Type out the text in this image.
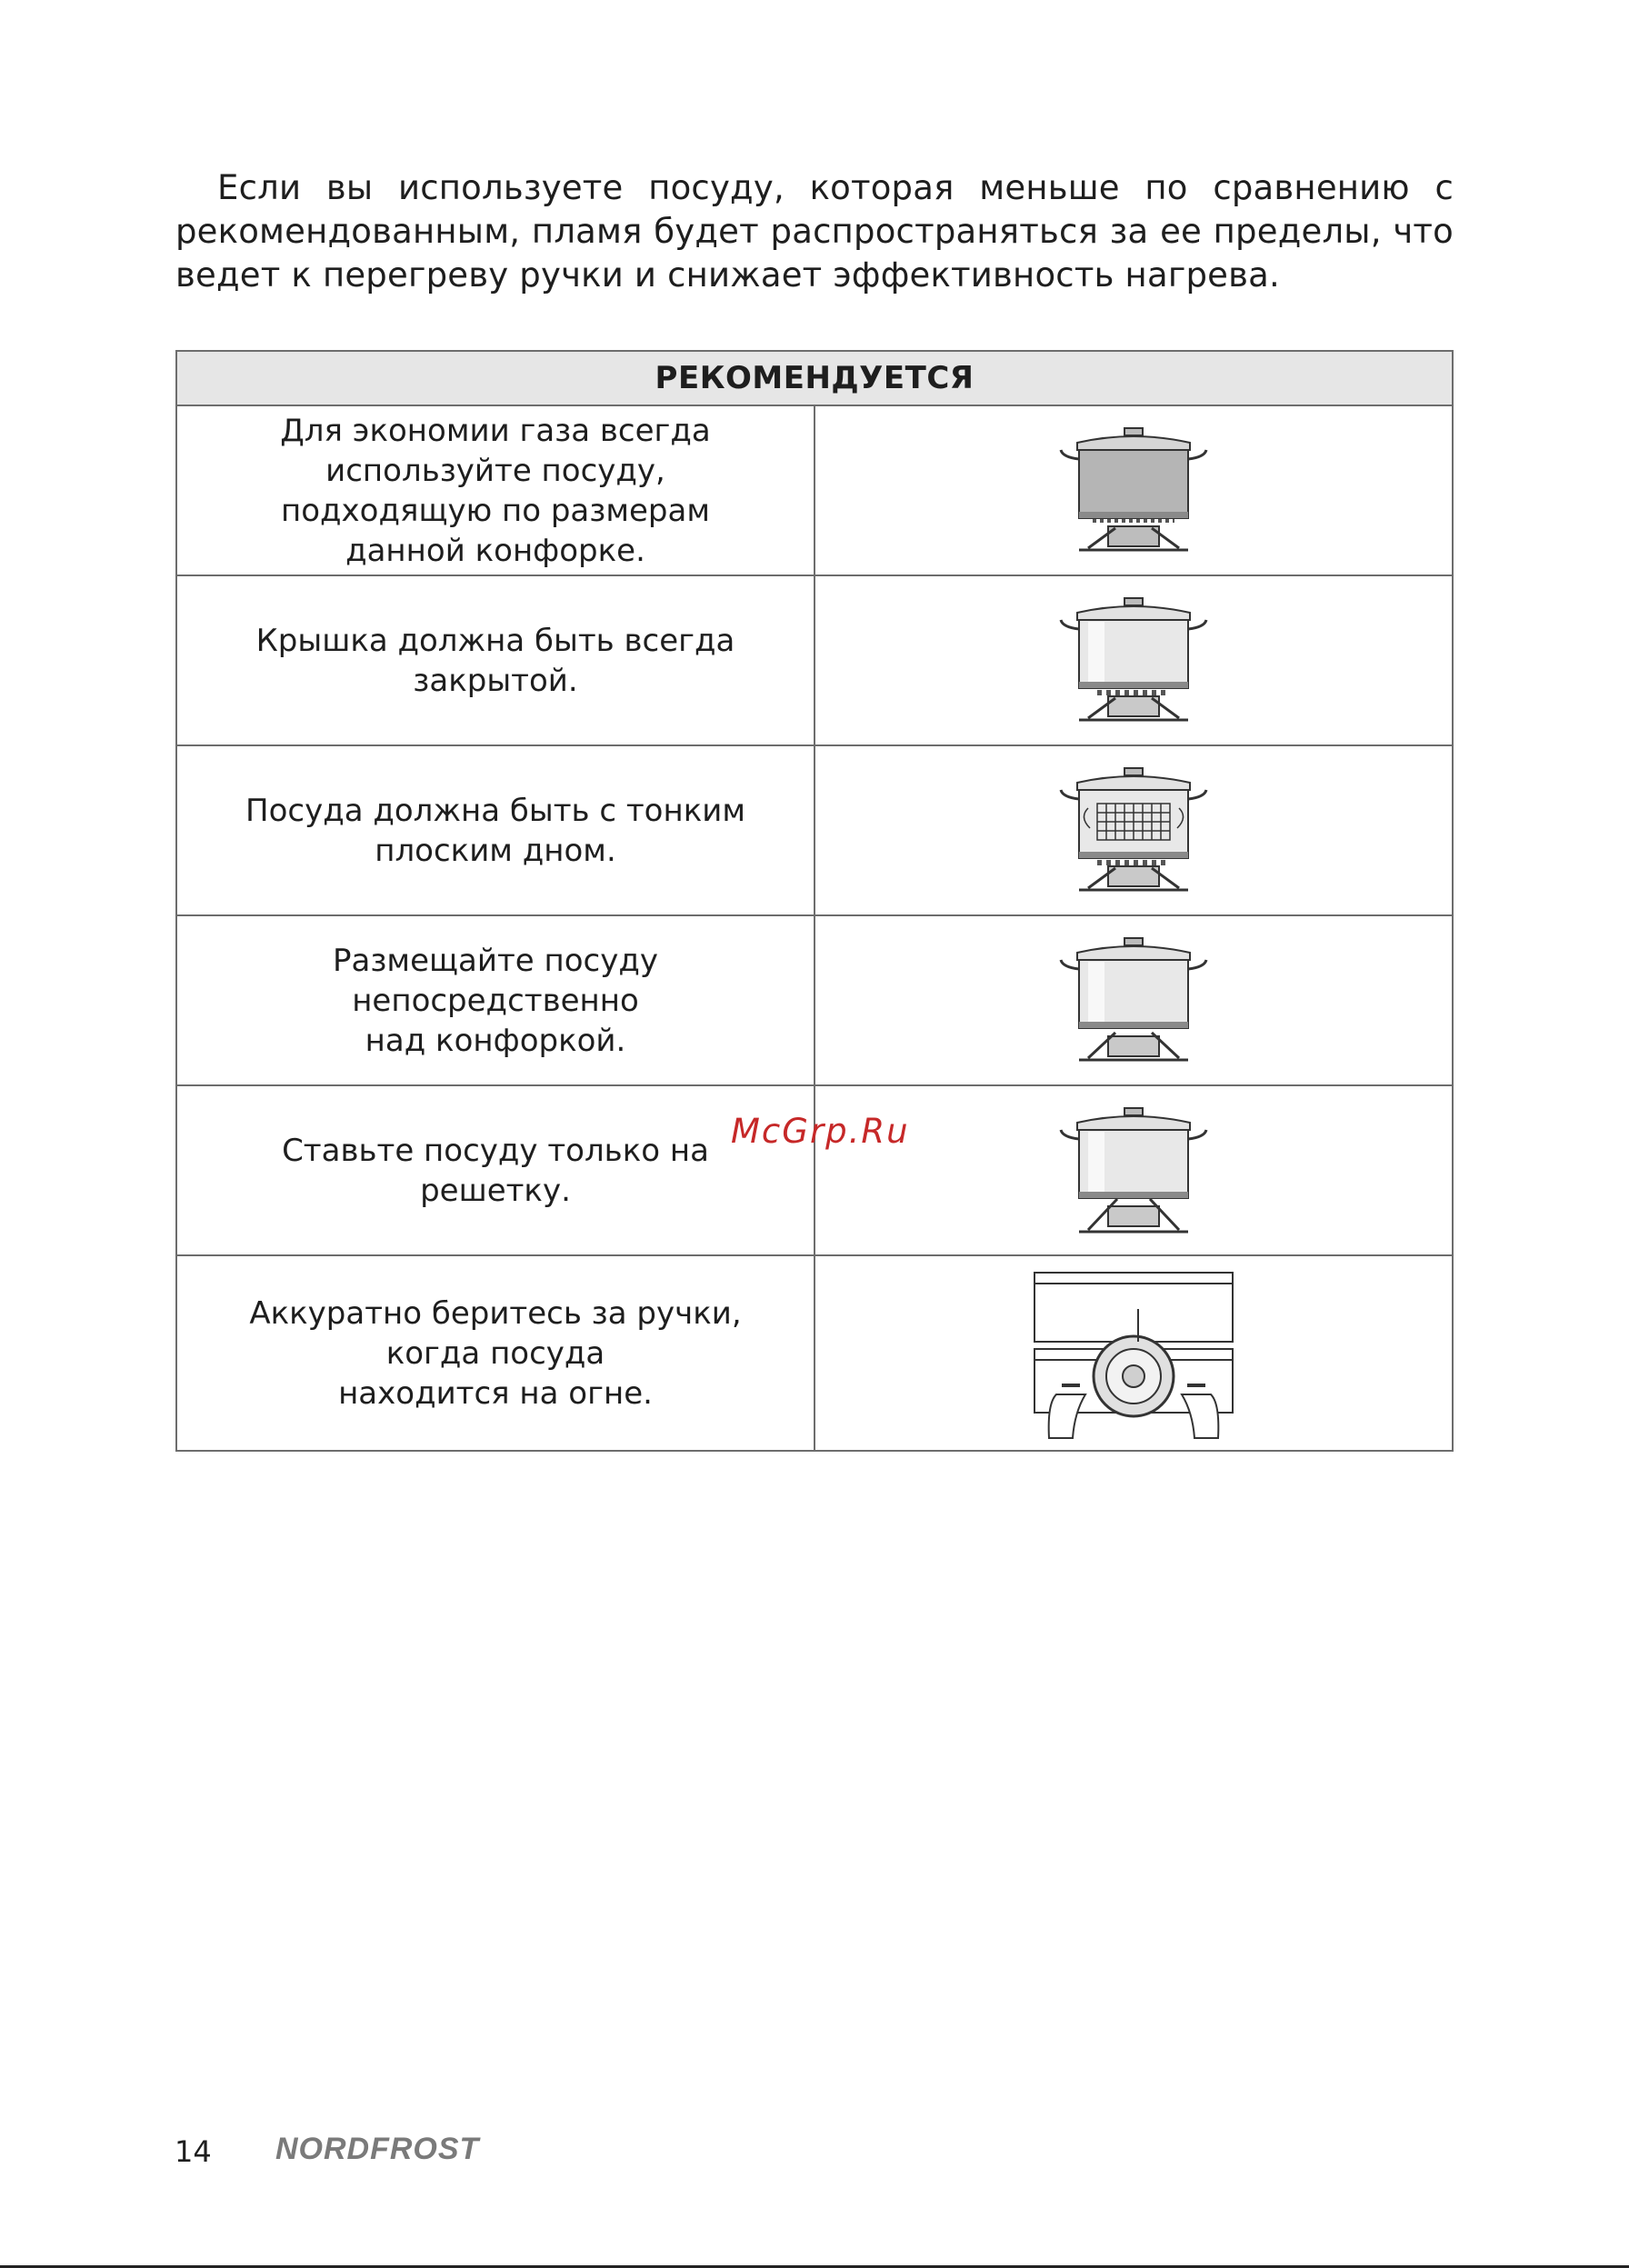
Если вы используете посуду, которая меньше по сравнению с рекомендованным, пламя будет распространяться за ее пределы, что ведет к перегреву ручки и снижает эффективность нагрева.

РЕКОМЕНДУЕТСЯ	
Для экономии газа всегда используйте посуду,
подходящую по размерам данной конфорке.	

Крышка должна быть всегда закрытой.	

Посуда должна быть с тонким плоским дном.	

Размещайте посуду непосредственно
над конфоркой.	

Ставьте посуду только на решетку.	

Аккуратно беритесь за ручки, когда посуда
находится на огне.	
McGrp.Ru
14 NORDFROST
